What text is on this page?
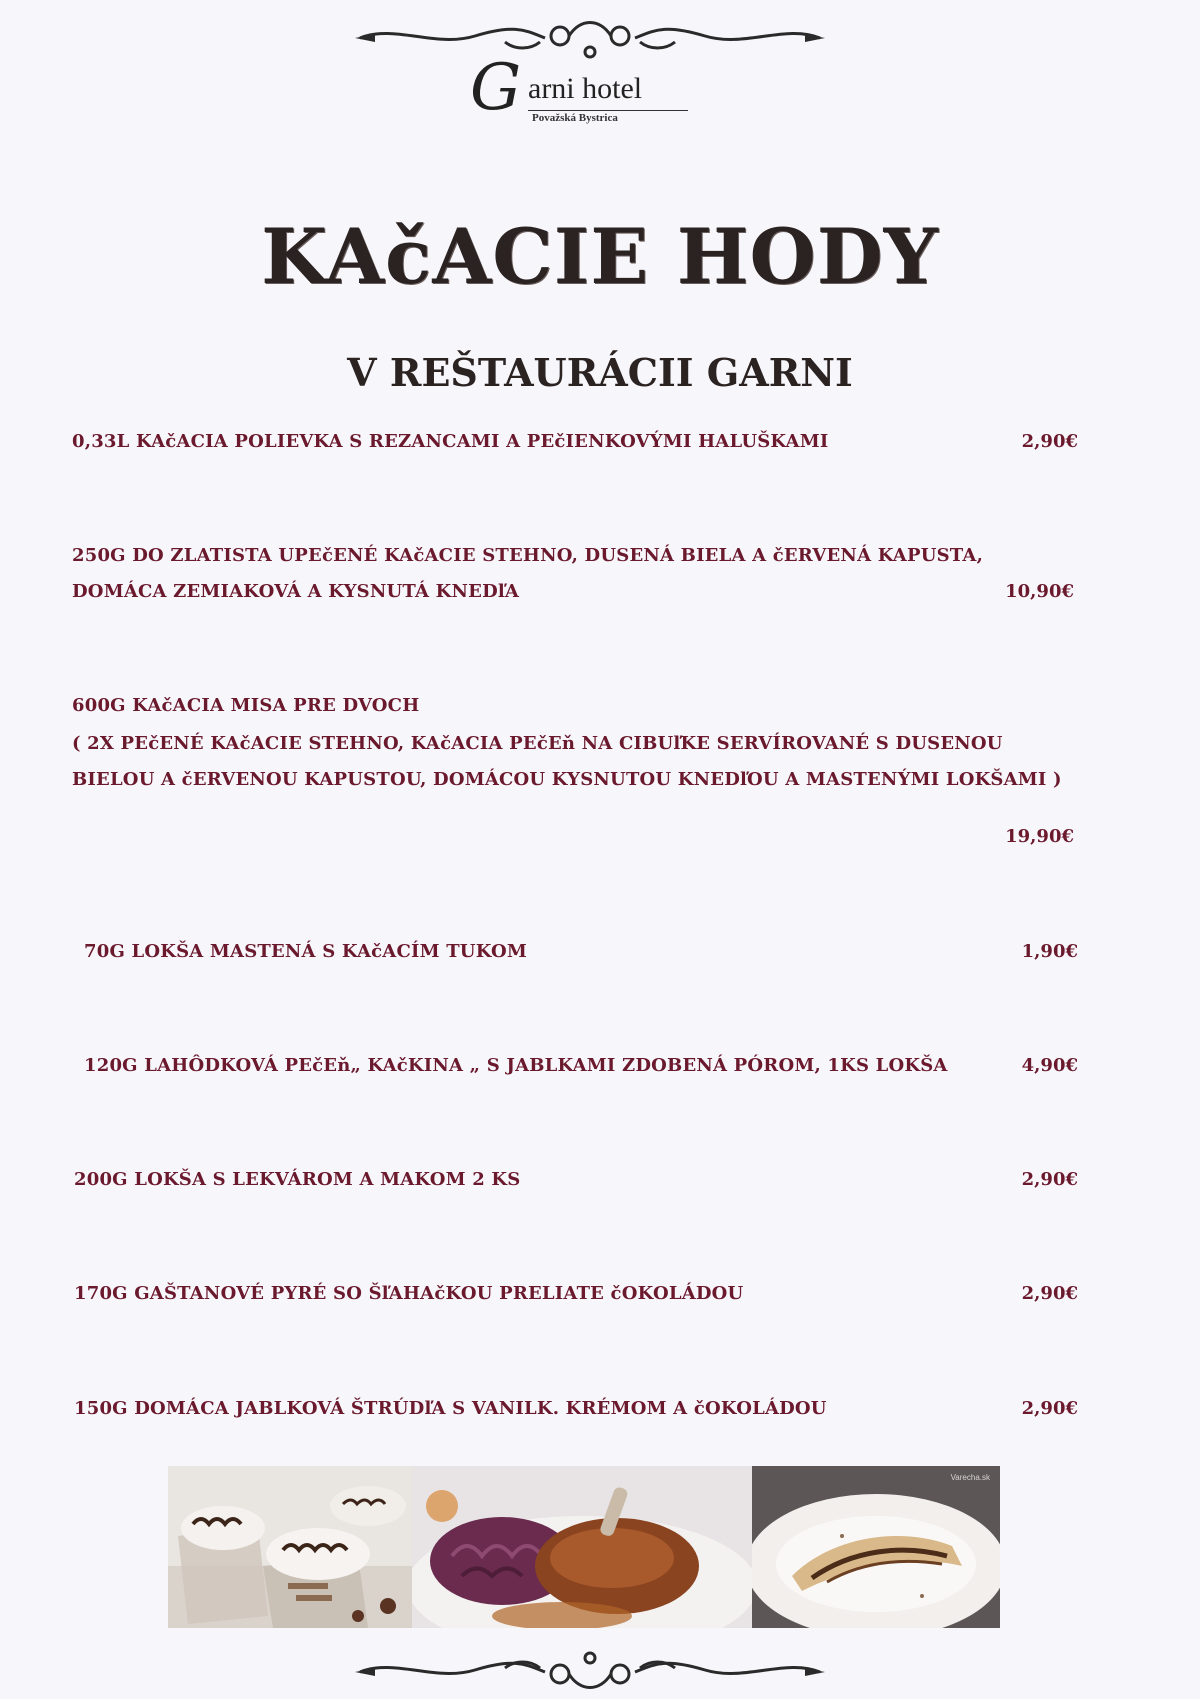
G arni hotel
Považská Bystrica
KAčACIE HODY
V REŠTAURÁCII GARNI
0,33L KAčACIA POLIEVKA S REZANCAMI A PEčIENKOVÝMI HALUŠKAMI	2,90€
250G DO ZLATISTA UPEčENÉ KAčACIE STEHNO, DUSENÁ BIELA A čERVENÁ KAPUSTA,
DOMÁCA ZEMIAKOVÁ A KYSNUTÁ KNEDľA	10,90€
600G KAčACIA MISA PRE DVOCH
( 2X PEčENÉ KAčACIE STEHNO, KAčACIA PEčEň NA CIBUľKE SERVÍROVANÉ S DUSENOU
BIELOU A čERVENOU KAPUSTOU, DOMÁCOU KYSNUTOU KNEDľOU A MASTENÝMI LOKŠAMI )
19,90€
70G LOKŠA MASTENÁ S KAčACÍM TUKOM	1,90€
120G LAHÔDKOVÁ PEčEň„ KAčKINA „ S JABLKAMI ZDOBENÁ PÓROM, 1KS LOKŠA	4,90€
200G LOKŠA S LEKVÁROM A MAKOM 2 KS	2,90€
170G GAŠTANOVÉ PYRÉ SO ŠľAHAčKOU PRELIATE čOKOLÁDOU	2,90€
150G DOMÁCA JABLKOVÁ ŠTRÚDľA S VANILK. KRÉMOM A čOKOLÁDOU	2,90€
Varecha.sk
